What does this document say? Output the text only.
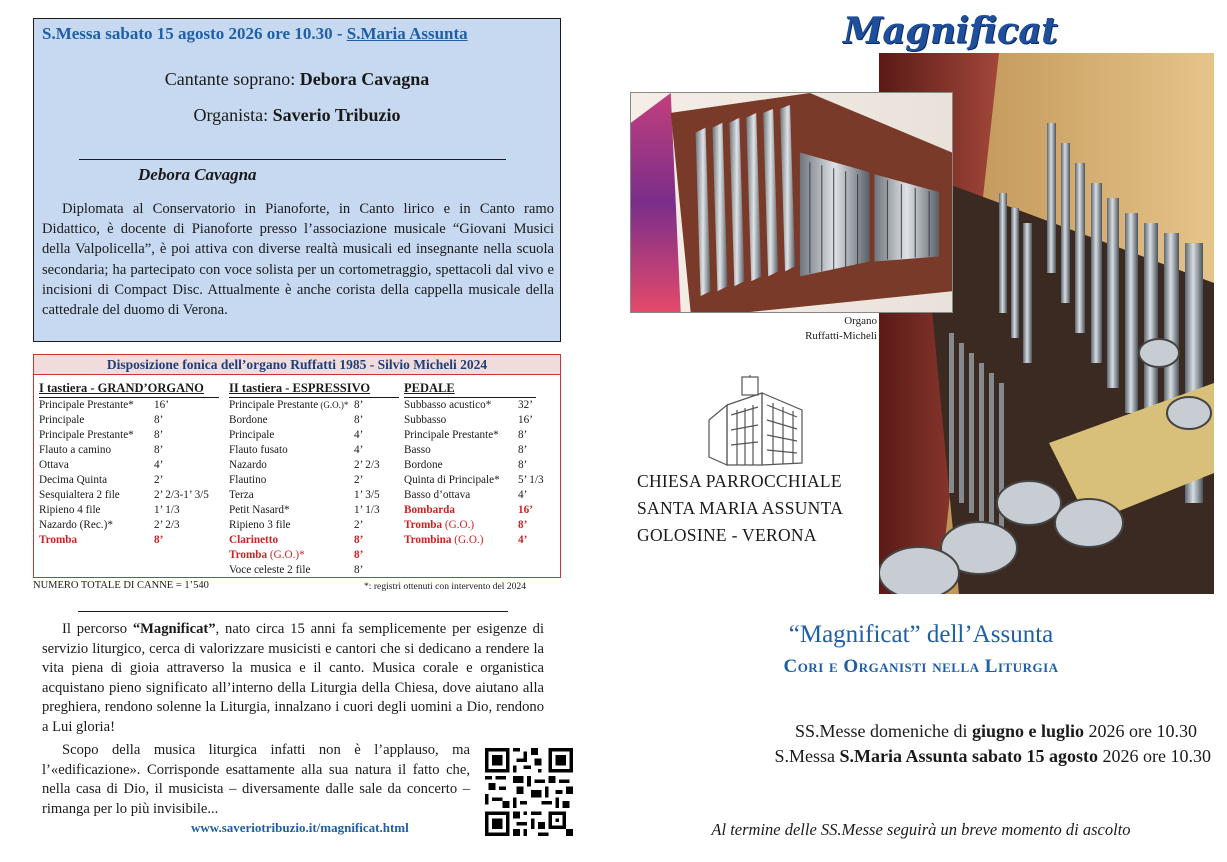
S.Messa sabato 15 agosto 2026 ore 10.30 - S.Maria Assunta
Cantante soprano: Debora Cavagna
Organista: Saverio Tribuzio
Debora Cavagna
Diplomata al Conservatorio in Pianoforte, in Canto lirico e in Canto ramo Didattico, è docente di Pianoforte presso l’associazione musicale “Giovani Musici della Valpolicella”, è poi attiva con diverse realtà musicali ed insegnante nella scuola secondaria; ha partecipato con voce solista per un cortometraggio, spettacoli dal vivo e incisioni di Compact Disc. Attualmente è anche corista della cappella musicale della cattedrale del duomo di Verona.
Disposizione fonica dell’organo Ruffatti 1985 - Silvio Micheli 2024
I tastiera - GRAND’ORGANO
Principale Prestante* 16’
Principale	8’
Principale Prestante* 8’
Flauto a camino	8’
Ottava	4’
Decima Quinta	2’
Sesquialtera 2 file	2’ 2/3-1’ 3/5
Ripieno 4 file	1’ 1/3
Nazardo (Rec.)*	2’ 2/3
Tromba	8’
II tastiera - ESPRESSIVO
Principale Prestante (G.O.)* 8’
Bordone	8’
Principale	4’
Flauto fusato	4’
Nazardo	2’ 2/3
Flautino	2’
Terza	1’ 3/5
Petit Nasard*	1’ 1/3
Ripieno 3 file	2’
Clarinetto	8’
Tromba (G.O.)*	8’
Voce celeste 2 file	8’
PEDALE
Subbasso acustico* 32’
Subbasso	16’
Principale Prestante* 8’
Basso	8’
Bordone	8’
Quinta di Principale* 5’ 1/3
Basso d’ottava	4’
Bombarda	16’
Tromba (G.O.)	8’
Trombina (G.O.)	4’
NUMERO TOTALE DI CANNE = 1’540	*: registri ottenuti con intervento del 2024
Il percorso “Magnificat”, nato circa 15 anni fa semplicemente per esigenze di servizio liturgico, cerca di valorizzare musicisti e cantori che si dedicano a rendere la vita piena di gioia attraverso la musica e il canto. Musica corale e organistica acquistano pieno significato all’interno della Liturgia della Chiesa, dove aiutano alla preghiera, rendono solenne la Liturgia, innalzano i cuori degli uomini a Dio, rendono a Lui gloria!
Scopo della musica liturgica infatti non è l’applauso, ma l’«edificazione». Corrisponde esattamente alla sua natura il fatto che, nella casa di Dio, il musicista – diversamente dalle sale da concerto – rimanga per lo più invisibile...
www.saveriotribuzio.it/magnificat.html
Magnificat
Organo
Ruffatti-Micheli
CHIESA PARROCCHIALE
SANTA MARIA ASSUNTA
GOLOSINE - VERONA
“Magnificat” dell’Assunta
Cori e Organisti nella Liturgia
SS.Messe domeniche di giugno e luglio 2026 ore 10.30
S.Messa S.Maria Assunta sabato 15 agosto 2026 ore 10.30
Al termine delle SS.Messe seguirà un breve momento di ascolto
